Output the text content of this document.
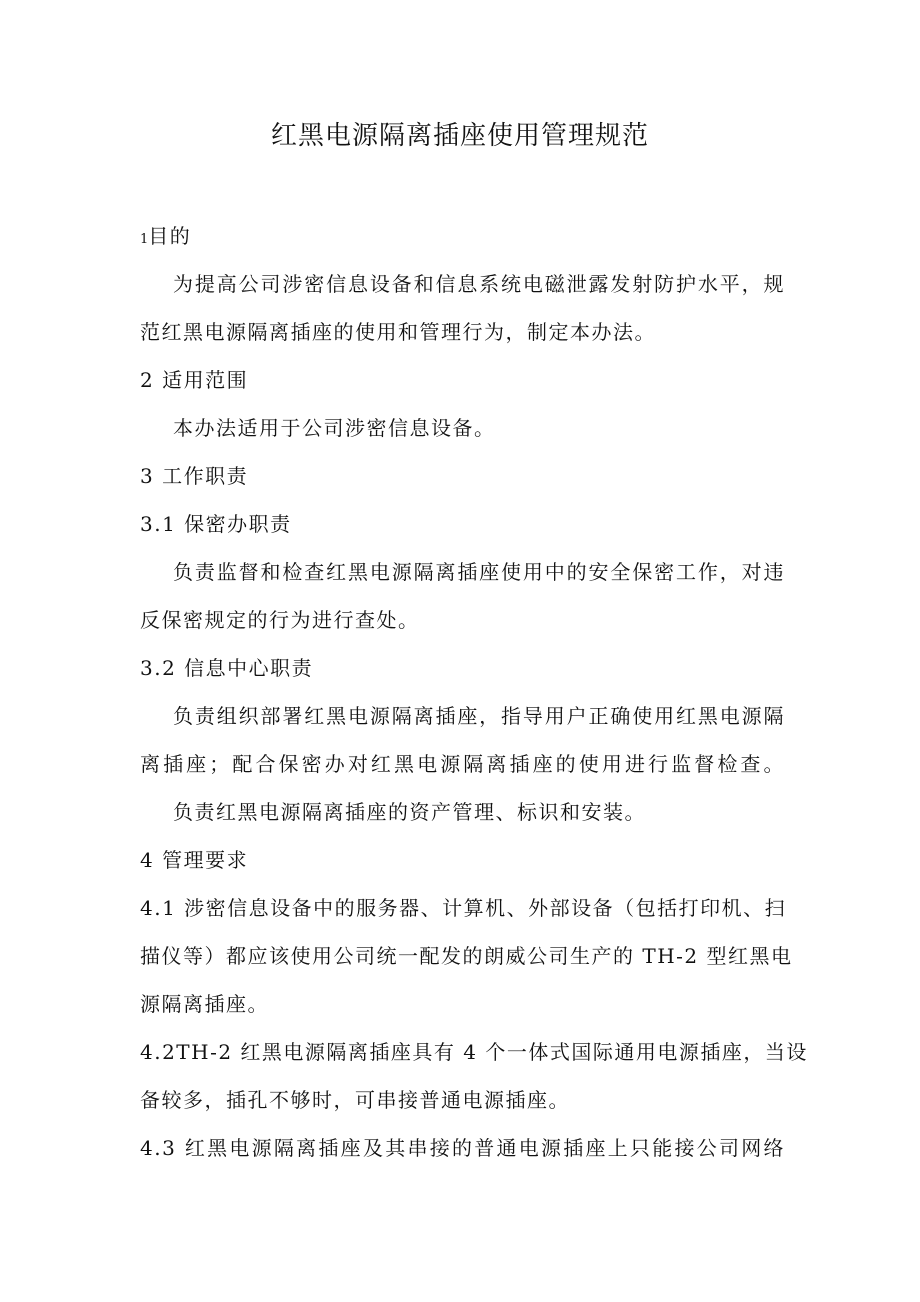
红黑电源隔离插座使用管理规范

1目的

为提高公司涉密信息设备和信息系统电磁泄露发射防护水平，规

范红黑电源隔离插座的使用和管理行为，制定本办法。

2 适用范围

本办法适用于公司涉密信息设备。

3 工作职责

3.1 保密办职责

负责监督和检查红黑电源隔离插座使用中的安全保密工作，对违

反保密规定的行为进行查处。

3.2 信息中心职责

负责组织部署红黑电源隔离插座，指导用户正确使用红黑电源隔

离插座；配合保密办对红黑电源隔离插座的使用进行监督检查。

负责红黑电源隔离插座的资产管理、标识和安装。

4 管理要求

4.1 涉密信息设备中的服务器、计算机、外部设备（包括打印机、扫

描仪等）都应该使用公司统一配发的朗威公司生产的 TH-2 型红黑电

源隔离插座。

4.2TH-2 红黑电源隔离插座具有 4 个一体式国际通用电源插座，当设

备较多，插孔不够时，可串接普通电源插座。

4.3 红黑电源隔离插座及其串接的普通电源插座上只能接公司网络
